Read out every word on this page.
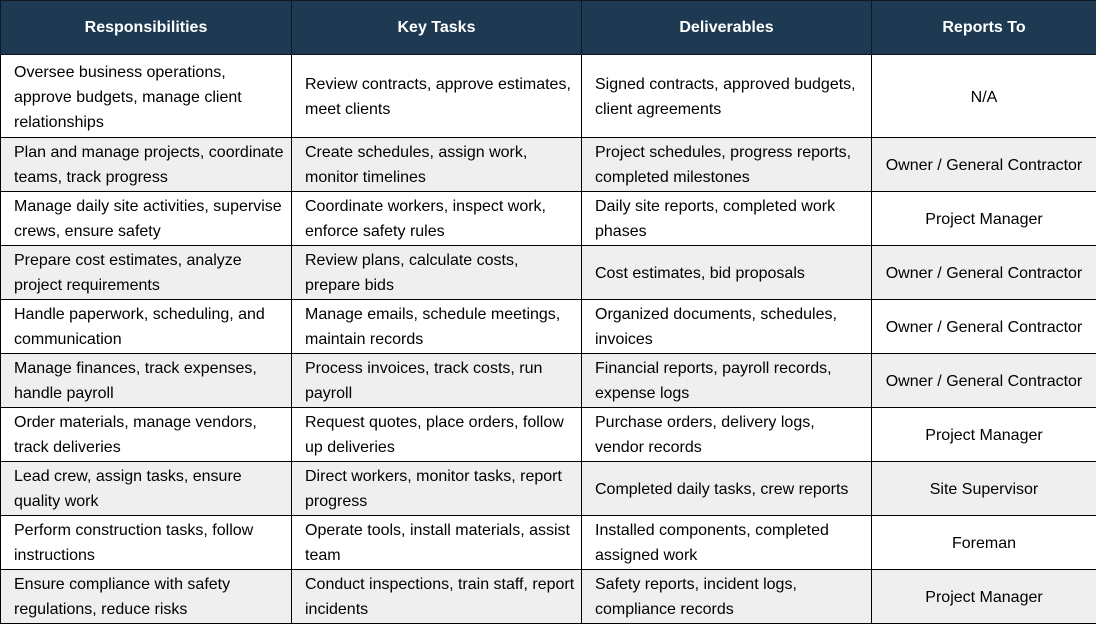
Responsibilities	Key Tasks	Deliverables	Reports To
Oversee business operations, approve budgets, manage client relationships	Review contracts, approve estimates, meet clients	Signed contracts, approved budgets, client agreements	N/A
Plan and manage projects, coordinate teams, track progress	Create schedules, assign work, monitor timelines	Project schedules, progress reports, completed milestones	Owner / General Contractor
Manage daily site activities, supervise crews, ensure safety	Coordinate workers, inspect work, enforce safety rules	Daily site reports, completed work phases	Project Manager
Prepare cost estimates, analyze project requirements	Review plans, calculate costs, prepare bids	Cost estimates, bid proposals	Owner / General Contractor
Handle paperwork, scheduling, and communication	Manage emails, schedule meetings, maintain records	Organized documents, schedules, invoices	Owner / General Contractor
Manage finances, track expenses, handle payroll	Process invoices, track costs, run payroll	Financial reports, payroll records, expense logs	Owner / General Contractor
Order materials, manage vendors, track deliveries	Request quotes, place orders, follow up deliveries	Purchase orders, delivery logs, vendor records	Project Manager
Lead crew, assign tasks, ensure quality work	Direct workers, monitor tasks, report progress	Completed daily tasks, crew reports	Site Supervisor
Perform construction tasks, follow instructions	Operate tools, install materials, assist team	Installed components, completed assigned work	Foreman
Ensure compliance with safety regulations, reduce risks	Conduct inspections, train staff, report incidents	Safety reports, incident logs, compliance records	Project Manager
